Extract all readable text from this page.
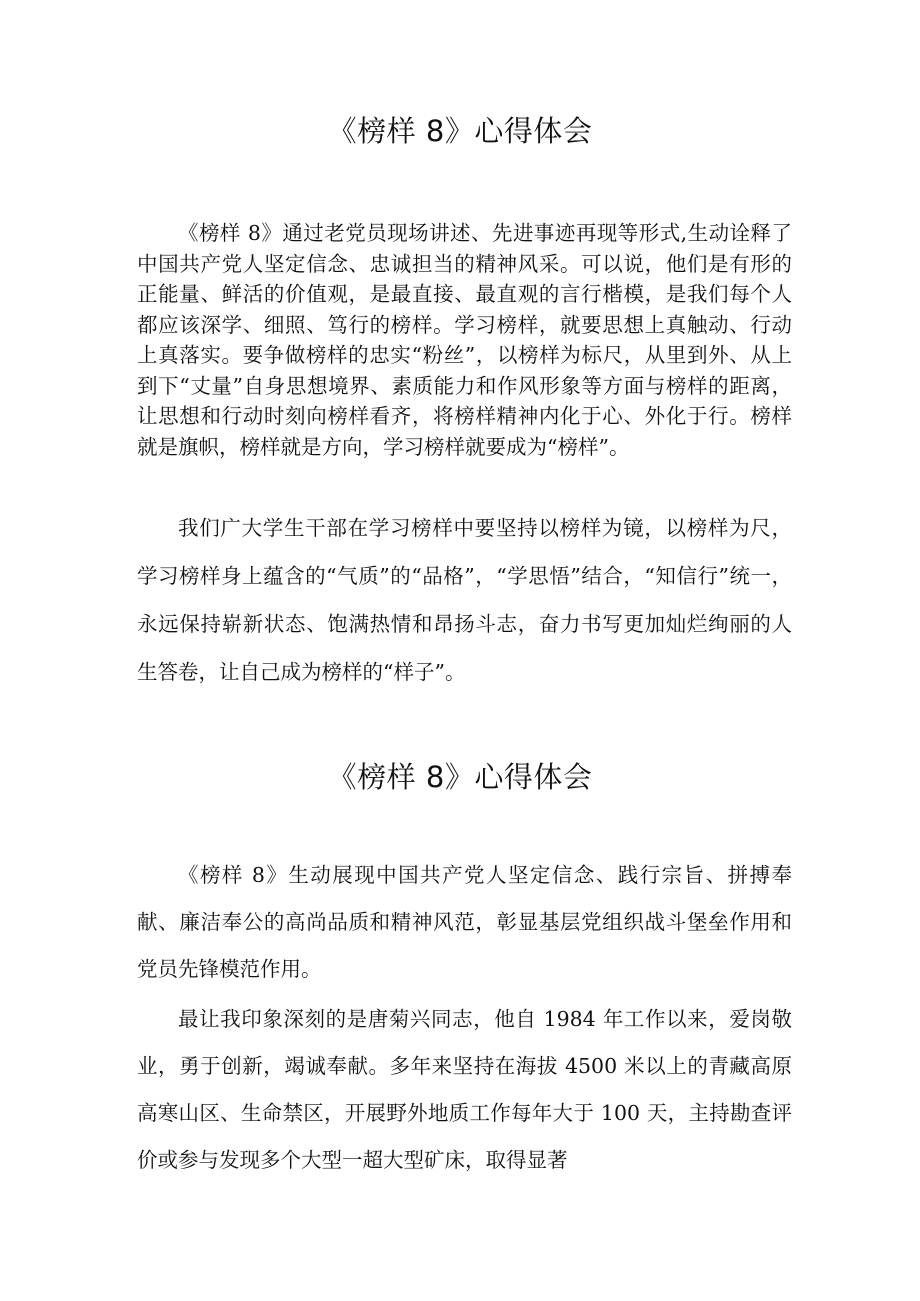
《榜样 8》心得体会

《榜样 8》通过老党员现场讲述、先进事迹再现等形式,生动诠释了中国共产党人坚定信念、忠诚担当的精神风采。可以说，他们是有形的正能量、鲜活的价值观，是最直接、最直观的言行楷模，是我们每个人都应该深学、细照、笃行的榜样。学习榜样，就要思想上真触动、行动上真落实。要争做榜样的忠实“粉丝”，以榜样为标尺，从里到外、从上到下“丈量”自身思想境界、素质能力和作风形象等方面与榜样的距离，让思想和行动时刻向榜样看齐，将榜样精神内化于心、外化于行。榜样就是旗帜，榜样就是方向，学习榜样就要成为“榜样”。

我们广大学生干部在学习榜样中要坚持以榜样为镜，以榜样为尺，学习榜样身上蕴含的“气质”的“品格”，“学思悟”结合，“知信行”统一，永远保持崭新状态、饱满热情和昂扬斗志，奋力书写更加灿烂绚丽的人生答卷，让自己成为榜样的“样子”。

《榜样 8》心得体会

《榜样 8》生动展现中国共产党人坚定信念、践行宗旨、拼搏奉献、廉洁奉公的高尚品质和精神风范，彰显基层党组织战斗堡垒作用和党员先锋模范作用。

最让我印象深刻的是唐菊兴同志，他自 1984 年工作以来，爱岗敬业，勇于创新，竭诚奉献。多年来坚持在海拔 4500 米以上的青藏高原高寒山区、生命禁区，开展野外地质工作每年大于 100 天，主持勘查评价或参与发现多个大型一超大型矿床，取得显著
